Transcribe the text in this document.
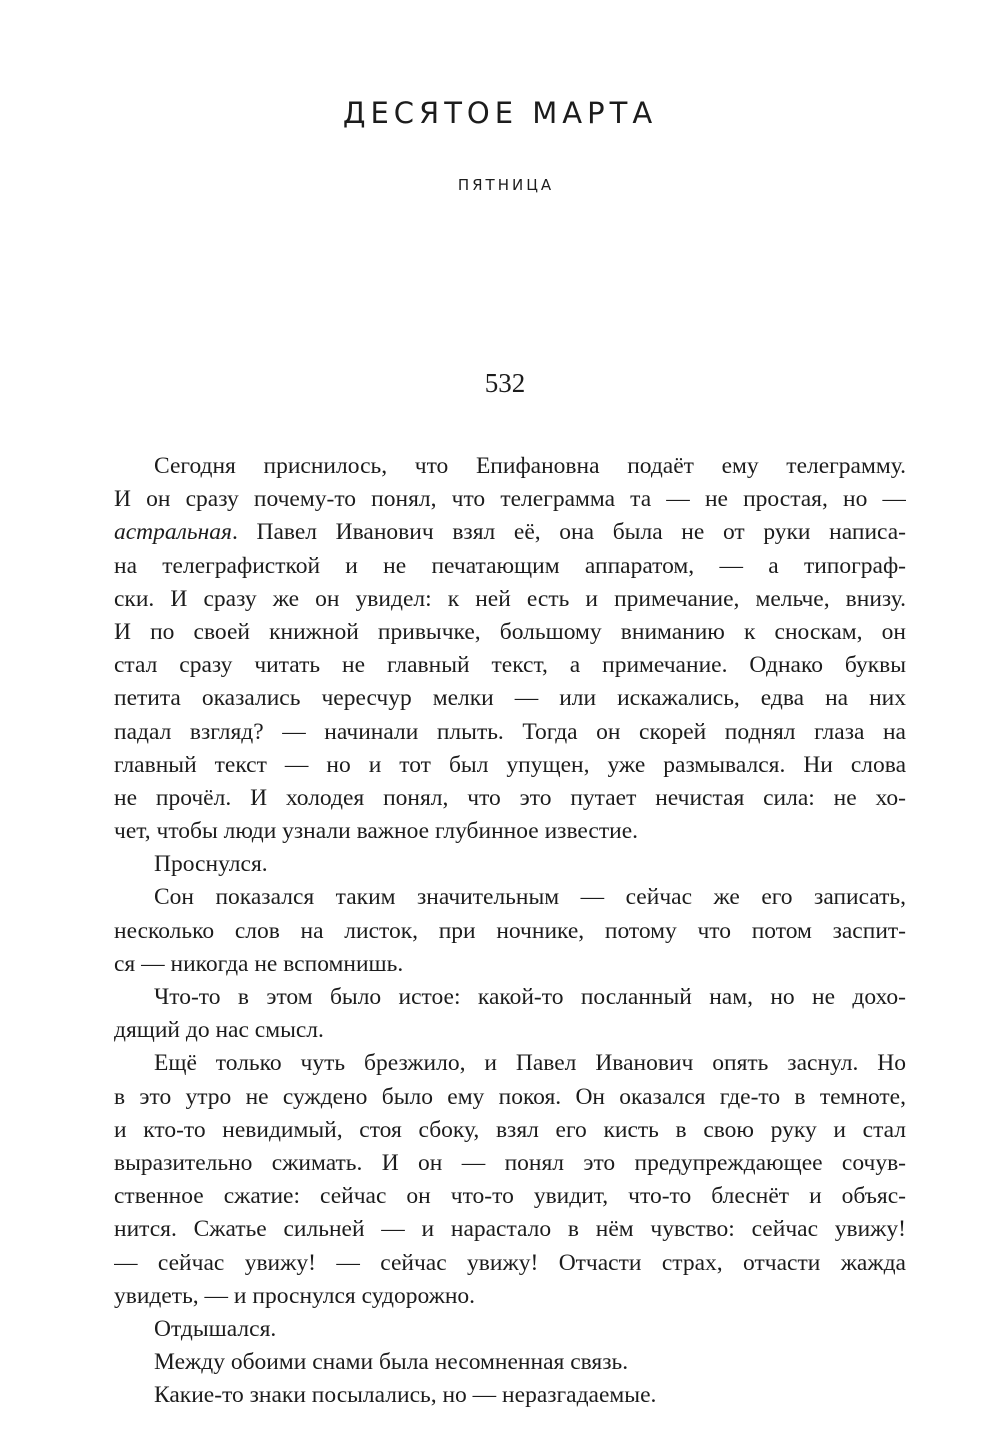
ДЕСЯТОЕ МАРТА
ПЯТНИЦА
532
Сегодня приснилось, что Епифановна подаёт ему телеграмму.
И он сразу почему-то понял, что телеграмма та — не простая, но —
астральная. Павел Иванович взял её, она была не от руки написа-
на телеграфисткой и не печатающим аппаратом, — а типограф-
ски. И сразу же он увидел: к ней есть и примечание, мельче, внизу.
И по своей книжной привычке, большому вниманию к сноскам, он
стал сразу читать не главный текст, а примечание. Однако буквы
петита оказались чересчур мелки — или искажались, едва на них
падал взгляд? — начинали плыть. Тогда он скорей поднял глаза на
главный текст — но и тот был упущен, уже размывался. Ни слова
не прочёл. И холодея понял, что это путает нечистая сила: не хо-
чет, чтобы люди узнали важное глубинное известие.
Проснулся.
Сон показался таким значительным — сейчас же его записать,
несколько слов на листок, при ночнике, потому что потом заспит-
ся — никогда не вспомнишь.
Что-то в этом было истое: какой-то посланный нам, но не дохо-
дящий до нас смысл.
Ещё только чуть брезжило, и Павел Иванович опять заснул. Но
в это утро не суждено было ему покоя. Он оказался где-то в темноте,
и кто-то невидимый, стоя сбоку, взял его кисть в свою руку и стал
выразительно сжимать. И он — понял это предупреждающее сочув-
ственное сжатие: сейчас он что-то увидит, что-то блеснёт и объяс-
нится. Сжатье сильней — и нарастало в нём чувство: сейчас увижу!
— сейчас увижу! — сейчас увижу! Отчасти страх, отчасти жажда
увидеть, — и проснулся судорожно.
Отдышался.
Между обоими снами была несомненная связь.
Какие-то знаки посылались, но — неразгадаемые.
